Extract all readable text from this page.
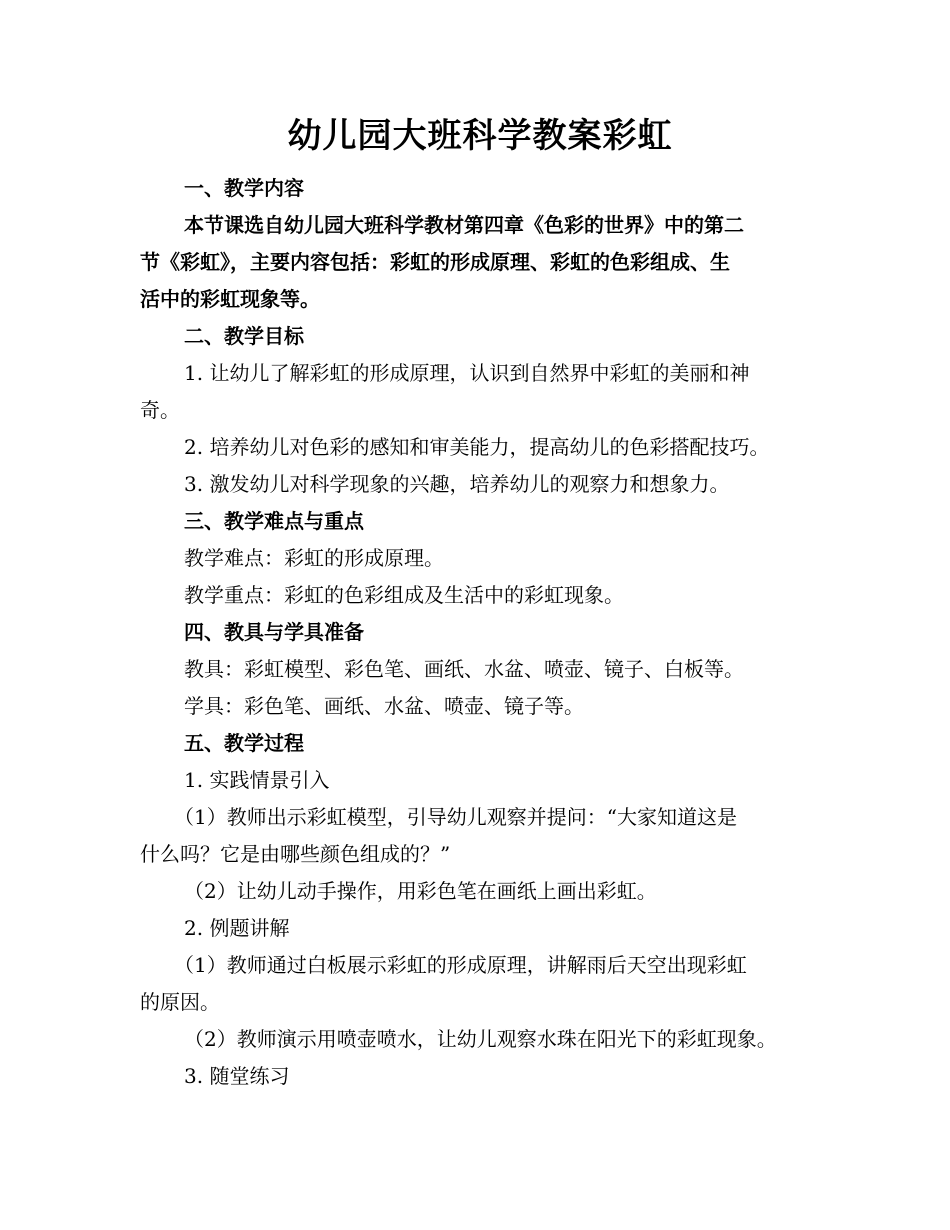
幼儿园大班科学教案彩虹
一、教学内容
本节课选自幼儿园大班科学教材第四章《色彩的世界》中的第二
节《彩虹》，主要内容包括：彩虹的形成原理、彩虹的色彩组成、生
活中的彩虹现象等。
二、教学目标
1. 让幼儿了解彩虹的形成原理，认识到自然界中彩虹的美丽和神
奇。
2. 培养幼儿对色彩的感知和审美能力，提高幼儿的色彩搭配技巧。
3. 激发幼儿对科学现象的兴趣，培养幼儿的观察力和想象力。
三、教学难点与重点
教学难点：彩虹的形成原理。
教学重点：彩虹的色彩组成及生活中的彩虹现象。
四、教具与学具准备
教具：彩虹模型、彩色笔、画纸、水盆、喷壶、镜子、白板等。
学具：彩色笔、画纸、水盆、喷壶、镜子等。
五、教学过程
1. 实践情景引入
（1）教师出示彩虹模型，引导幼儿观察并提问：“大家知道这是
什么吗？它是由哪些颜色组成的？”
（2）让幼儿动手操作，用彩色笔在画纸上画出彩虹。
2. 例题讲解
（1）教师通过白板展示彩虹的形成原理，讲解雨后天空出现彩虹
的原因。
（2）教师演示用喷壶喷水，让幼儿观察水珠在阳光下的彩虹现象。
3. 随堂练习
